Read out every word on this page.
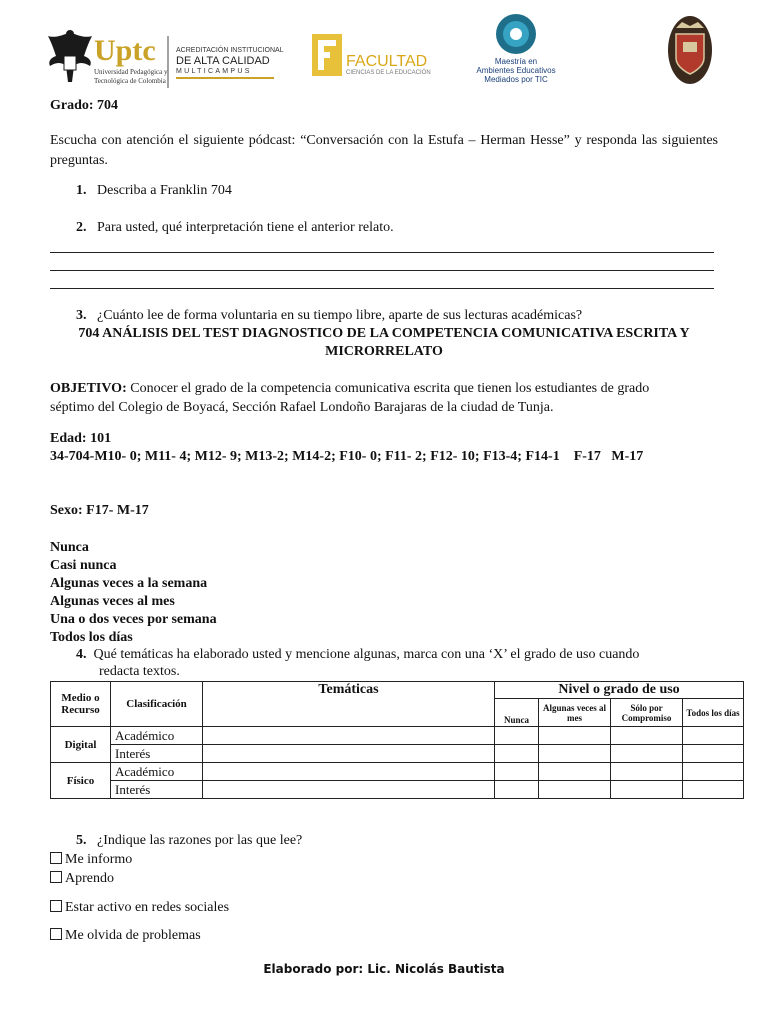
Uptc
Universidad Pedagógica y
Tecnológica de Colombia
ACREDITACIÓN INSTITUCIONAL
DE ALTA CALIDAD
MULTICAMPUS
FACULTAD
CIENCIAS DE LA EDUCACIÓN
Maestría en
Ambientes Educativos
Mediados por TIC
Grado: 704
Escucha con atención el siguiente pódcast: “Conversación con la Estufa – Herman Hesse” y responda las siguientes preguntas.
1. Describa a Franklin 704
2. Para usted, qué interpretación tiene el anterior relato.
3. ¿Cuánto lee de forma voluntaria en su tiempo libre, aparte de sus lecturas académicas?
704 ANÁLISIS DEL TEST DIAGNOSTICO DE LA COMPETENCIA COMUNICATIVA ESCRITA Y
MICRORRELATO
OBJETIVO: Conocer el grado de la competencia comunicativa escrita que tienen los estudiantes de grado
séptimo del Colegio de Boyacá, Sección Rafael Londoño Barajaras de la ciudad de Tunja.
Edad: 101
34-704-M10- 0; M11- 4; M12- 9; M13-2; M14-2; F10- 0; F11- 2; F12- 10; F13-4; F14-1    F-17   M-17
Sexo: F17- M-17
Nunca
Casi nunca
Algunas veces a la semana
Algunas veces al mes
Una o dos veces por semana
Todos los días
4. Qué temáticas ha elaborado usted y mencione algunas, marca con una ‘X’ el grado de uso cuando
redacta textos.
Medio o Recurso	Clasificación	Temáticas	Nivel o grado de uso			
			Nunca	Algunas veces al mes	Sólo por Compromiso	Todos los días
Digital	Académico					
	Interés					
Físico	Académico					
	Interés					
5. ¿Indique las razones por las que lee?
Me informo
Aprendo
Estar activo en redes sociales
Me olvida de problemas
Elaborado por: Lic. Nicolás Bautista
